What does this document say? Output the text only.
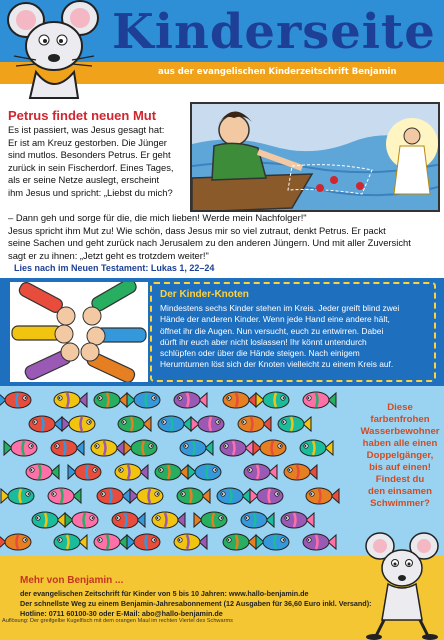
Kinderseite
aus der evangelischen Kinderzeitschrift Benjamin
Petrus findet neuen Mut
Es ist passiert, was Jesus gesagt hat:
Er ist am Kreuz gestorben. Die Jünger
sind mutlos. Besonders Petrus. Er geht
zurück in sein Fischerdorf. Eines Tages,
als er seine Netze auslegt, erscheint
ihm Jesus und spricht: „Liebst du mich?
– Dann geh und sorge für die, die mich lieben! Werde mein Nachfolger!"
Jesus spricht ihm Mut zu! Wie schön, dass Jesus mir so viel zutraut, denkt Petrus. Er packt
seine Sachen und geht zurück nach Jerusalem zu den anderen Jüngern. Und mit aller Zuversicht
sagt er zu ihnen: „Jetzt geht es trotzdem weiter!"
Lies nach im Neuen Testament: Lukas 1, 22–24
Der Kinder-Knoten
Mindestens sechs Kinder stehen im Kreis. Jeder greift blind zwei
Hände der anderen Kinder. Wenn jede Hand eine andere hält,
öffnet ihr die Augen. Nun versucht, euch zu entwirren. Dabei
dürft ihr euch aber nicht loslassen! Ihr könnt untendurch
schlüpfen oder über die Hände steigen. Nach einigem
Herumturnen löst sich der Knoten vielleicht zu einem Kreis auf.
Diese
farbenfrohen
Wasserbewohner
haben alle einen
Doppelgänger,
bis auf einen!
Findest du
den einsamen
Schwimmer?
Mehr von Benjamin ...
der evangelischen Zeitschrift für Kinder von 5 bis 10 Jahren: www.hallo-benjamin.de
Der schnellste Weg zu einem Benjamin-Jahresabonnement (12 Ausgaben für 36,60 Euro inkl. Versand):
Hotline: 0711 60100-30 oder E-Mail: abo@hallo-benjamin.de
Auflösung: Der greifgelbe Kugelfisch mit dem orangen Maul im rechten Viertel des Schwarms
